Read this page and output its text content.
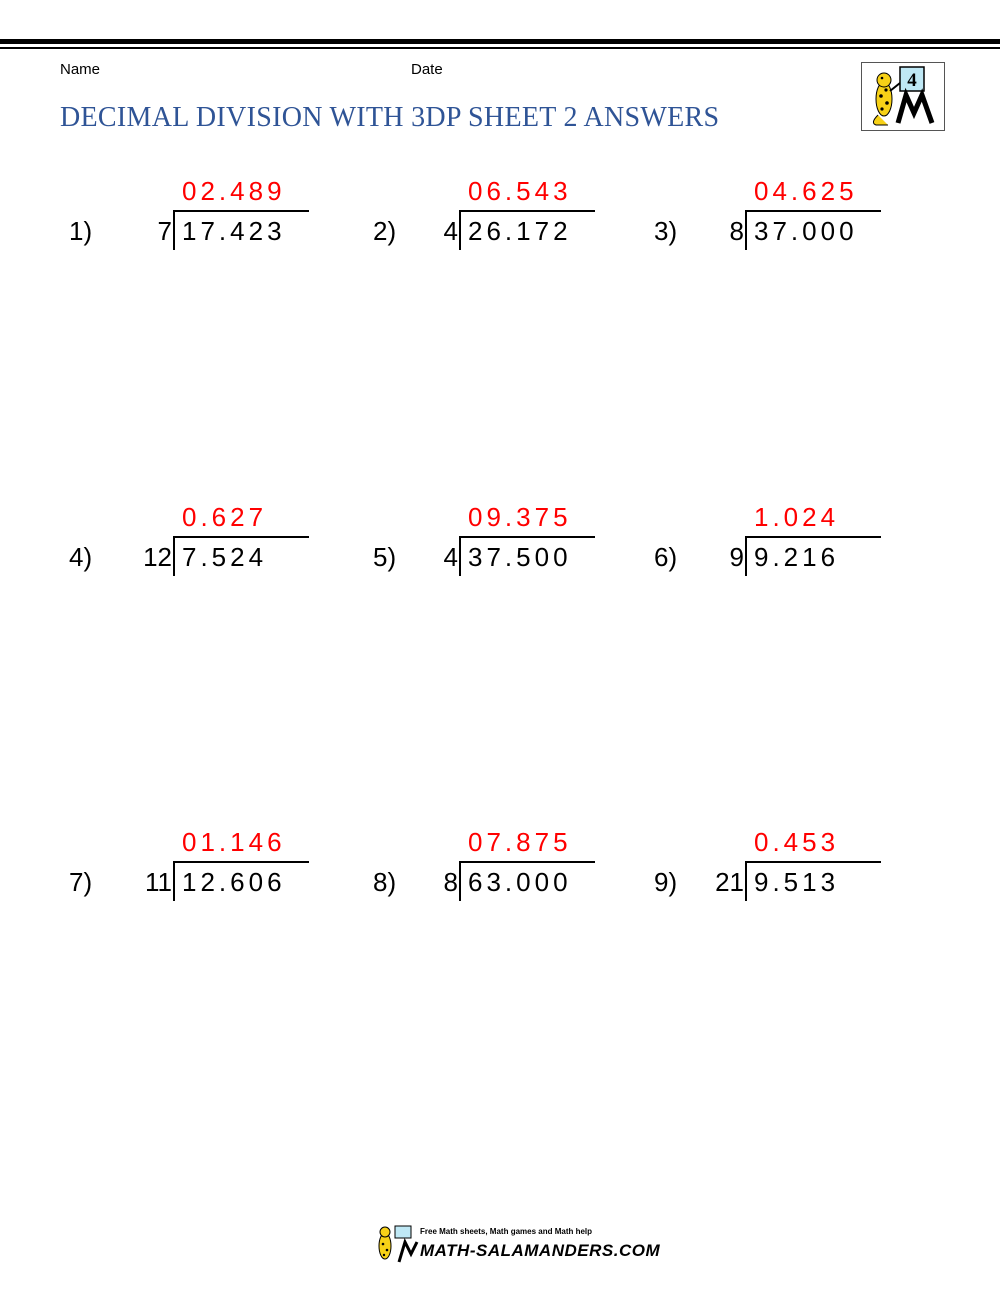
Name	Date
DECIMAL DIVISION WITH 3DP SHEET 2 ANSWERS
4
1)	7 17.423
02.489
2) 4 26.172
06.543
3) 8 37.000
04.625
4) 12 7.524
0.627
5) 4 37.500
09.375
6) 9 9.216
1.024
7) 11 12.606
01.146
8) 8 63.000
07.875
9) 21 9.513
0.453
Free Math sheets, Math games and Math help
MATH-SALAMANDERS.COM
